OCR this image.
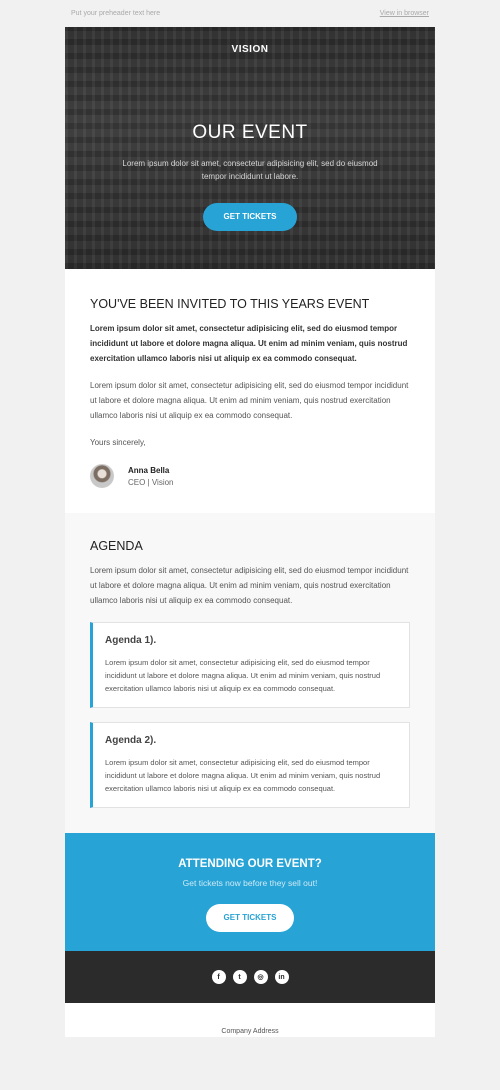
Put your preheader text here	View in browser
VISION
OUR EVENT
Lorem ipsum dolor sit amet, consectetur adipisicing elit, sed do eiusmod tempor incididunt ut labore.
GET TICKETS
YOU'VE BEEN INVITED TO THIS YEARS EVENT

Lorem ipsum dolor sit amet, consectetur adipisicing elit, sed do eiusmod tempor incididunt ut labore et dolore magna aliqua. Ut enim ad minim veniam, quis nostrud exercitation ullamco laboris nisi ut aliquip ex ea commodo consequat.

Lorem ipsum dolor sit amet, consectetur adipisicing elit, sed do eiusmod tempor incididunt ut labore et dolore magna aliqua. Ut enim ad minim veniam, quis nostrud exercitation ullamco laboris nisi ut aliquip ex ea commodo consequat.

Yours sincerely,

Anna Bella
CEO | Vision
AGENDA

Lorem ipsum dolor sit amet, consectetur adipisicing elit, sed do eiusmod tempor incididunt ut labore et dolore magna aliqua. Ut enim ad minim veniam, quis nostrud exercitation ullamco laboris nisi ut aliquip ex ea commodo consequat.

Agenda 1).
Lorem ipsum dolor sit amet, consectetur adipisicing elit, sed do eiusmod tempor incididunt ut labore et dolore magna aliqua. Ut enim ad minim veniam, quis nostrud exercitation ullamco laboris nisi ut aliquip ex ea commodo consequat.
Agenda 2).
Lorem ipsum dolor sit amet, consectetur adipisicing elit, sed do eiusmod tempor incididunt ut labore et dolore magna aliqua. Ut enim ad minim veniam, quis nostrud exercitation ullamco laboris nisi ut aliquip ex ea commodo consequat.
ATTENDING OUR EVENT?
Get tickets now before they sell out!
GET TICKETS
f	t	◎	in
Company Address
